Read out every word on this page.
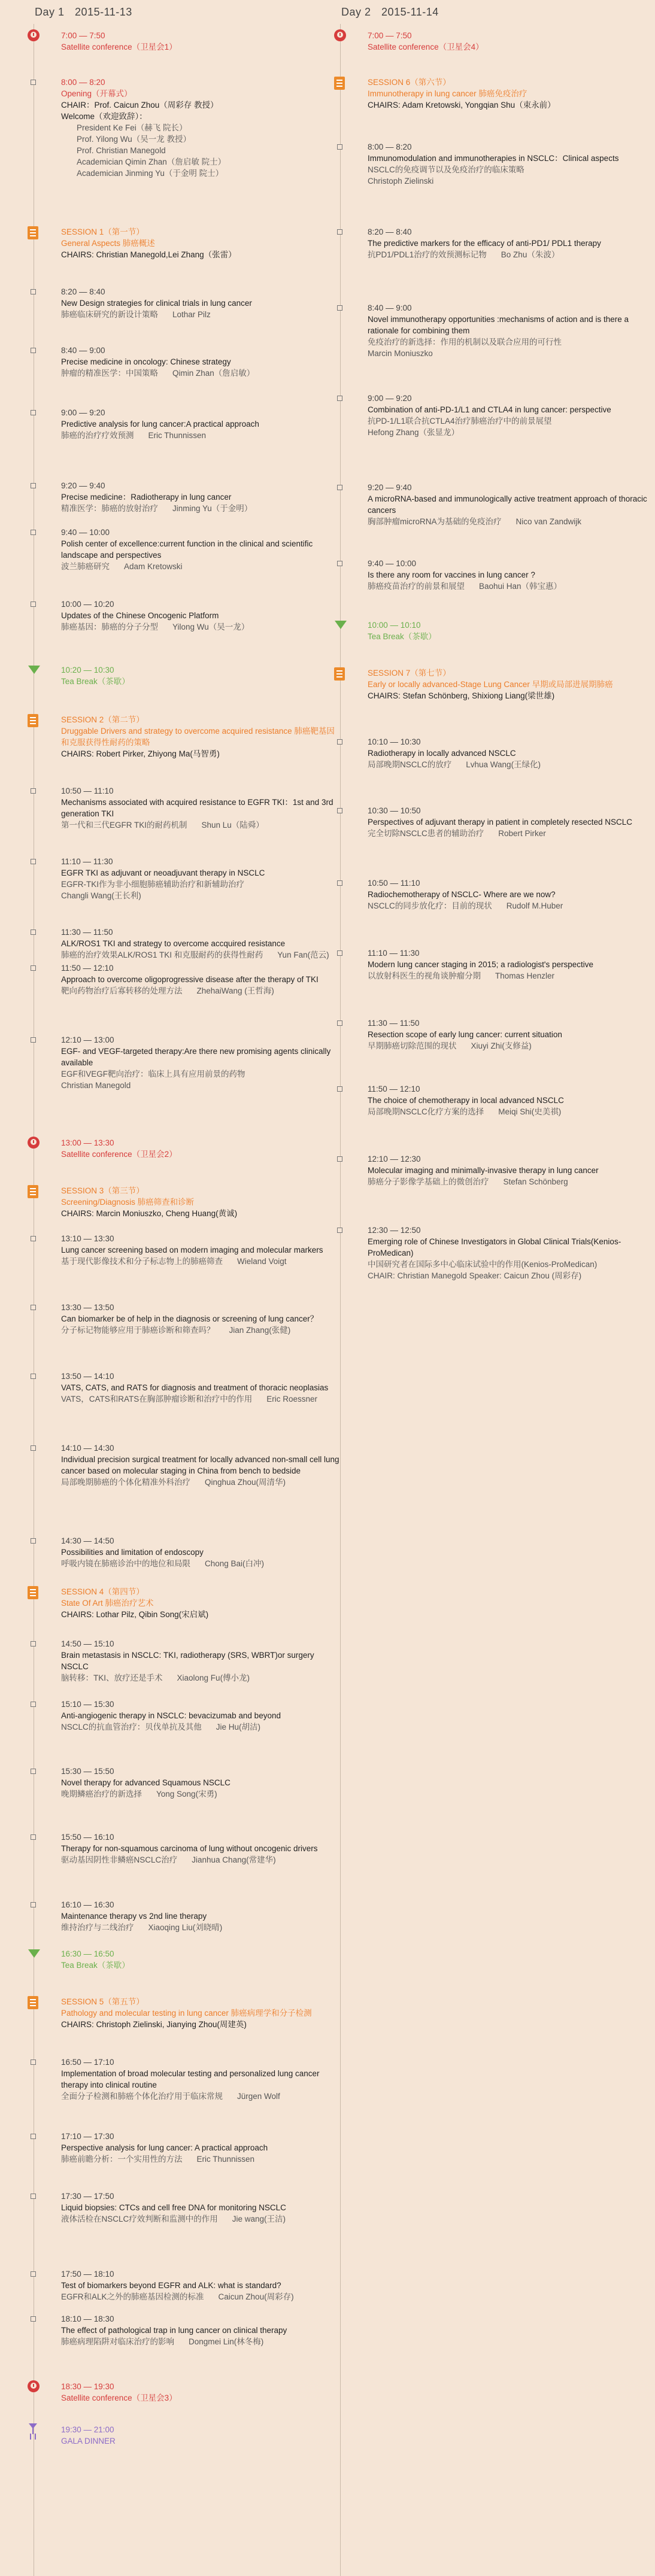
Day 1 2015-11-13
7:00 — 7:50
Satellite conference（卫星会1）
8:00 — 8:20
Opening（开幕式）
CHAIR：Prof. Caicun Zhou（周彩存 教授）
Welcome（欢迎致辞）：
President Ke Fei（赫飞 院长）
Prof. Yilong Wu（吴一龙 教授）
Prof. Christian Manegold
Academician Qimin Zhan（詹启敏 院士）
Academician Jinming Yu（于金明 院士）
SESSION 1（第一节）
General Aspects 肺癌概述
CHAIRS: Christian Manegold,Lei Zhang（张雷）
8:20 — 8:40
New Design strategies for clinical trials in lung cancer
肺癌临床研究的新设计策略 Lothar Pilz
8:40 — 9:00
Precise medicine in oncology: Chinese strategy
肿瘤的精准医学：中国策略 Qimin Zhan（詹启敏）
9:00 — 9:20
Predictive analysis for lung cancer:A practical approach
肺癌的治疗疗效预测 Eric Thunnissen
9:20 — 9:40
Precise medicine：Radiotherapy in lung cancer
精准医学：肺癌的放射治疗 Jinming Yu（于金明）
9:40 — 10:00
Polish center of excellence:current function in the clinical and scientific landscape and perspectives
波兰肺癌研究 Adam Kretowski
10:00 — 10:20
Updates of the Chinese Oncogenic Platform
肺癌基因：肺癌的分子分型 Yilong Wu（吴一龙）
10:20 — 10:30
Tea Break（茶歇）
SESSION 2（第二节）
Druggable Drivers and strategy to overcome acquired resistance 肺癌靶基因和克服获得性耐药的策略
CHAIRS: Robert Pirker, Zhiyong Ma(马智勇)
10:50 — 11:10
Mechanisms associated with acquired resistance to EGFR TKI：1st and 3rd generation TKI
第一代和三代EGFR TKI的耐药机制 Shun Lu（陆舜）
11:10 — 11:30
EGFR TKI as adjuvant or neoadjuvant therapy in NSCLC
EGFR-TKI作为非小细胞肺癌辅助治疗和新辅助治疗
Changli Wang(王长利)
11:30 — 11:50
ALK/ROS1 TKI and strategy to overcome accquired resistance
肺癌的治疗效果ALK/ROS1 TKI 和克服耐药的获得性耐药 Yun Fan(范云)
11:50 — 12:10
Approach to overcome oligoprogressive disease after the therapy of TKI
靶向药物治疗后寡转移的处理方法 ZhehaiWang (王哲海)
12:10 — 13:00
EGF- and VEGF-targeted therapy:Are there new promising agents clinically available
EGF和VEGF靶向治疗：临床上具有应用前景的药物
Christian Manegold
13:00 — 13:30
Satellite conference（卫星会2）
SESSION 3（第三节）
Screening/Diagnosis 肺癌筛查和诊断
CHAIRS: Marcin Moniuszko, Cheng Huang(黄诚)
13:10 — 13:30
Lung cancer screening based on modern imaging and molecular markers
基于现代影像技术和分子标志物上的肺癌筛查 Wieland Voigt
13:30 — 13:50
Can biomarker be of help in the diagnosis or screening of lung cancer？
分子标记物能够应用于肺癌诊断和筛查吗？ Jian Zhang(张健)
13:50 — 14:10
VATS, CATS, and RATS for diagnosis and treatment of thoracic neoplasias
VATS，CATS和RATS在胸部肿瘤诊断和治疗中的作用 Eric Roessner
14:10 — 14:30
Individual precision surgical treatment for locally advanced non-small cell lung cancer based on molecular staging in China from bench to bedside
局部晚期肺癌的个体化精准外科治疗 Qinghua Zhou(周清华)
14:30 — 14:50
Possibilities and limitation of endoscopy
呼吸内镜在肺癌诊治中的地位和局限 Chong Bai(白冲)
SESSION 4（第四节）
State Of Art 肺癌治疗艺术
CHAIRS: Lothar Pilz, Qibin Song(宋启斌)
14:50 — 15:10
Brain metastasis in NSCLC: TKI, radiotherapy (SRS, WBRT)or surgery NSCLC
脑转移：TKI、放疗还是手术 Xiaolong Fu(傅小龙)
15:10 — 15:30
Anti-angiogenic therapy in NSCLC: bevacizumab and beyond
NSCLC的抗血管治疗：贝伐单抗及其他 Jie Hu(胡洁)
15:30 — 15:50
Novel therapy for advanced Squamous NSCLC
晚期鳞癌治疗的新选择 Yong Song(宋勇)
15:50 — 16:10
Therapy for non-squamous carcinoma of lung without oncogenic drivers
驱动基因阴性非鳞癌NSCLC治疗 Jianhua Chang(常建华)
16:10 — 16:30
Maintenance therapy vs 2nd line therapy
维持治疗与二线治疗 Xiaoqing Liu(刘晓晴)
16:30 — 16:50
Tea Break（茶歇）
SESSION 5（第五节）
Pathology and molecular testing in lung cancer 肺癌病理学和分子检测
CHAIRS: Christoph Zielinski, Jianying Zhou(周建英)
16:50 — 17:10
Implementation of broad molecular testing and personalized lung cancer therapy into clinical routine
全面分子检测和肺癌个体化治疗用于临床常规 Jürgen Wolf
17:10 — 17:30
Perspective analysis for lung cancer: A practical approach
肺癌前瞻分析：一个实用性的方法 Eric Thunnissen
17:30 — 17:50
Liquid biopsies: CTCs and cell free DNA for monitoring NSCLC
液体活检在NSCLC疗效判断和监测中的作用 Jie wang(王洁)
17:50 — 18:10
Test of biomarkers beyond EGFR and ALK: what is standard?
EGFR和ALK之外的肺癌基因检测的标准 Caicun Zhou(周彩存)
18:10 — 18:30
The effect of pathological trap in lung cancer on clinical therapy
肺癌病理陷阱对临床治疗的影响 Dongmei Lin(林冬梅)
18:30 — 19:30
Satellite conference（卫星会3）
19:30 — 21:00
GALA DINNER
Day 2 2015-11-14
7:00 — 7:50
Satellite conference（卫星会4）
SESSION 6（第六节）
Immunotherapy in lung cancer 肺癌免疫治疗
CHAIRS: Adam Kretowski, Yongqian Shu（束永前）
8:00 — 8:20
Immunomodulation and immunotherapies in NSCLC：Clinical aspects
NSCLC的免疫调节以及免疫治疗的临床策略
Christoph Zielinski
8:20 — 8:40
The predictive markers for the efficacy of anti-PD1/ PDL1 therapy
抗PD1/PDL1治疗的效预测标记物 Bo Zhu（朱波）
8:40 — 9:00
Novel immunotherapy opportunities :mechanisms of action and is there a rationale for combining them
免疫治疗的新选择：作用的机制以及联合应用的可行性
Marcin Moniuszko
9:00 — 9:20
Combination of anti-PD-1/L1 and CTLA4 in lung cancer: perspective
抗PD-1/L1联合抗CTLA4治疗肺癌治疗中的前景展望
Hefong Zhang（张显龙）
9:20 — 9:40
A microRNA-based and immunologically active treatment approach of thoracic cancers
胸部肿瘤microRNA为基础的免疫治疗 Nico van Zandwijk
9:40 — 10:00
Is there any room for vaccines in lung cancer ?
肺癌疫苗治疗的前景和展望 Baohui Han（韩宝惠）
10:00 — 10:10
Tea Break（茶歇）
SESSION 7（第七节）
Early or locally advanced-Stage Lung Cancer 早期或局部进展期肺癌
CHAIRS: Stefan Schönberg, Shixiong Liang(梁世雄)
10:10 — 10:30
Radiotherapy in locally advanced NSCLC
局部晚期NSCLC的放疗 Lvhua Wang(王绿化)
10:30 — 10:50
Perspectives of adjuvant therapy in patient in completely resected NSCLC
完全切除NSCLC患者的辅助治疗 Robert Pirker
10:50 — 11:10
Radiochemotherapy of NSCLC- Where are we now?
NSCLC的同步放化疗：目前的现状 Rudolf M.Huber
11:10 — 11:30
Modern lung cancer staging in 2015; a radiologist's perspective
以放射科医生的视角谈肿瘤分期 Thomas Henzler
11:30 — 11:50
Resection scope of early lung cancer: current situation
早期肺癌切除范围的现状 Xiuyi Zhi(支修益)
11:50 — 12:10
The choice of chemotherapy in local advanced NSCLC
局部晚期NSCLC化疗方案的选择 Meiqi Shi(史美祺)
12:10 — 12:30
Molecular imaging and minimally-invasive therapy in lung cancer
肺癌分子影像学基础上的微创治疗 Stefan Schönberg
12:30 — 12:50
Emerging role of Chinese Investigators in Global Clinical Trials(Kenios-ProMedican)
中国研究者在国际多中心临床试验中的作用(Kenios-ProMedican)
CHAIR: Christian Manegold Speaker: Caicun Zhou (周彩存)
